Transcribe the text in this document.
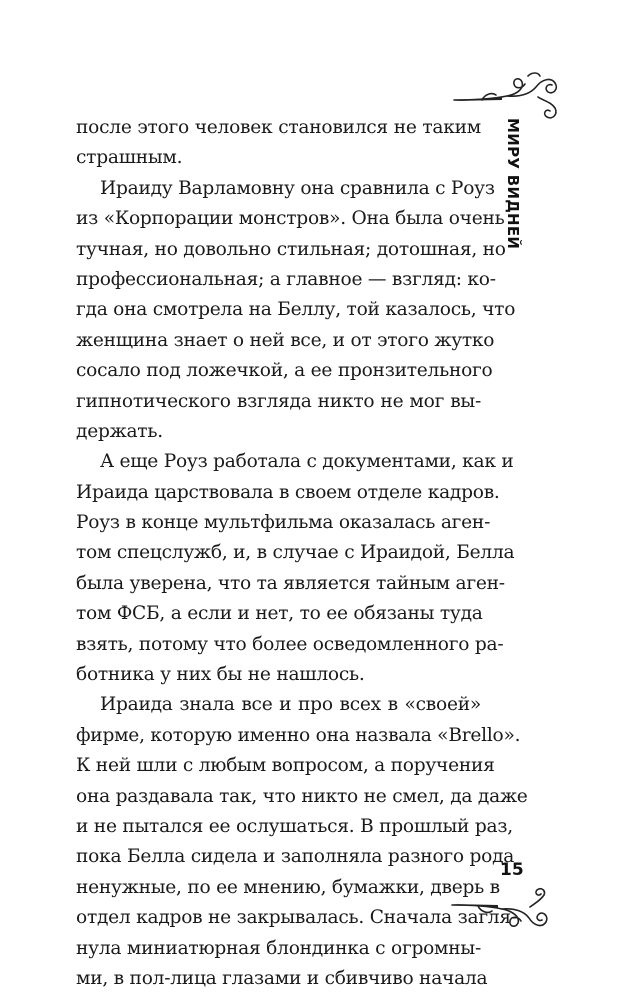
МИРУ ВИДНЕЙ
после этого человек становился не таким
страшным.
Ираиду Варламовну она сравнила с Роуз
из «Корпорации монстров». Она была очень
тучная, но довольно стильная; дотошная, но
профессиональная; а главное — взгляд: ко-
гда она смотрела на Беллу, той казалось, что
женщина знает о ней все, и от этого жутко
сосало под ложечкой, а ее пронзительного
гипнотического взгляда никто не мог вы-
держать.
А еще Роуз работала с документами, как и
Ираида царствовала в своем отделе кадров.
Роуз в конце мультфильма оказалась аген-
том спецслужб, и, в случае с Ираидой, Белла
была уверена, что та является тайным аген-
том ФСБ, а если и нет, то ее обязаны туда
взять, потому что более осведомленного ра-
ботника у них бы не нашлось.
Ираида знала все и про всех в «своей»
фирме, которую именно она назвала «Brello».
К ней шли с любым вопросом, а поручения
она раздавала так, что никто не смел, да даже
и не пытался ее ослушаться. В прошлый раз,
пока Белла сидела и заполняла разного рода
ненужные, по ее мнению, бумажки, дверь в
отдел кадров не закрывалась. Сначала загля-
нула миниатюрная блондинка с огромны-
ми, в пол-лица глазами и сбивчиво начала
15
